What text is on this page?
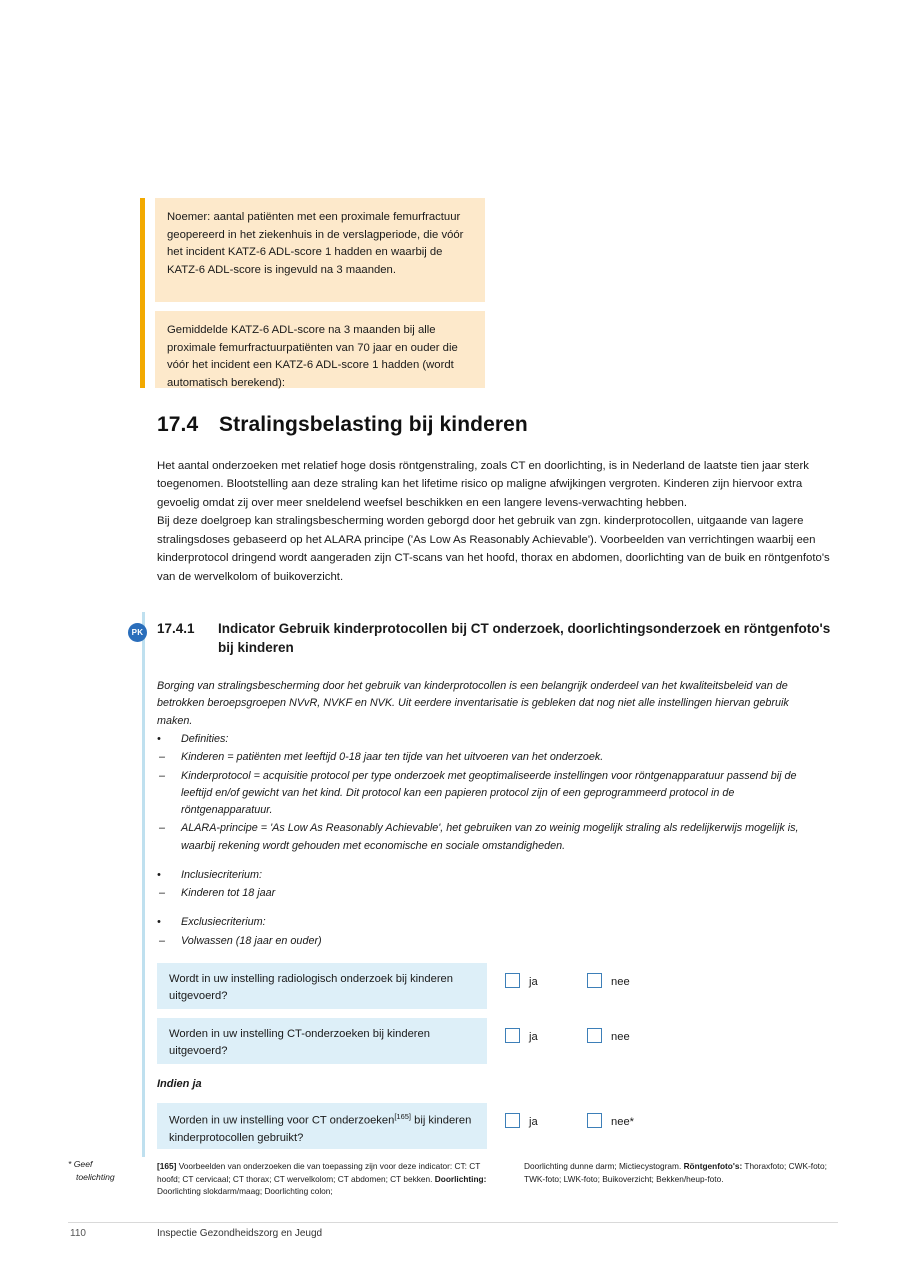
Noemer: aantal patiënten met een proximale femurfractuur geopereerd in het ziekenhuis in de verslagperiode, die vóór het incident KATZ-6 ADL-score 1 hadden en waarbij de KATZ-6 ADL-score is ingevuld na 3 maanden.
Gemiddelde KATZ-6 ADL-score na 3 maanden bij alle proximale femurfractuurpatiënten van 70 jaar en ouder die vóór het incident een KATZ-6 ADL-score 1 hadden (wordt automatisch berekend):
17.4 Stralingsbelasting bij kinderen

Het aantal onderzoeken met relatief hoge dosis röntgenstraling, zoals CT en doorlichting, is in Nederland de laatste tien jaar sterk toegenomen. Blootstelling aan deze straling kan het lifetime risico op maligne afwijkingen vergroten. Kinderen zijn hiervoor extra gevoelig omdat zij over meer sneldelend weefsel beschikken en een langere levens-verwachting hebben.

Bij deze doelgroep kan stralingsbescherming worden geborgd door het gebruik van zgn. kinderprotocollen, uitgaande van lagere stralingsdoses gebaseerd op het ALARA principe ('As Low As Reasonably Achievable'). Voorbeelden van verrichtingen waarbij een kinderprotocol dringend wordt aangeraden zijn CT-scans van het hoofd, thorax en abdomen, doorlichting van de buik en röntgenfoto's van de wervelkolom of buikoverzicht.

PK 17.4.1 Indicator Gebruik kinderprotocollen bij CT onderzoek, doorlichtingsonderzoek en röntgenfoto's bij kinderen
Borging van stralingsbescherming door het gebruik van kinderprotocollen is een belangrijk onderdeel van het kwaliteitsbeleid van de betrokken beroepsgroepen NVvR, NVKF en NVK. Uit eerdere inventarisatie is gebleken dat nog niet alle instellingen hiervan gebruik maken.
•	Definities:
–	Kinderen = patiënten met leeftijd 0-18 jaar ten tijde van het uitvoeren van het onderzoek.
–	Kinderprotocol = acquisitie protocol per type onderzoek met geoptimaliseerde instellingen voor röntgenapparatuur passend bij de leeftijd en/of gewicht van het kind. Dit protocol kan een papieren protocol zijn of een geprogrammeerd protocol in de röntgenapparatuur.
–	ALARA-principe = 'As Low As Reasonably Achievable', het gebruiken van zo weinig mogelijk straling als redelijkerwijs mogelijk is, waarbij rekening wordt gehouden met economische en sociale omstandigheden.
•	Inclusiecriterium:
–	Kinderen tot 18 jaar
•	Exclusiecriterium:
–	Volwassen (18 jaar en ouder)
Wordt in uw instelling radiologisch onderzoek bij kinderen uitgevoerd?
ja	nee
Worden in uw instelling CT-onderzoeken bij kinderen uitgevoerd?
ja	nee
Indien ja
Worden in uw instelling voor CT onderzoeken[165] bij kinderen kinderprotocollen gebruikt?
ja	nee*
* Geef
toelichting
[165] Voorbeelden van onderzoeken die van toepassing zijn voor deze indicator: CT: CT hoofd; CT cervicaal; CT thorax; CT wervelkolom; CT abdomen; CT bekken. Doorlichting: Doorlichting slokdarm/maag; Doorlichting colon;
Doorlichting dunne darm; Mictiecystogram. Röntgenfoto's: Thoraxfoto; CWK-foto; TWK-foto; LWK-foto; Buikoverzicht; Bekken/heup-foto.
110	Inspectie Gezondheidszorg en Jeugd
